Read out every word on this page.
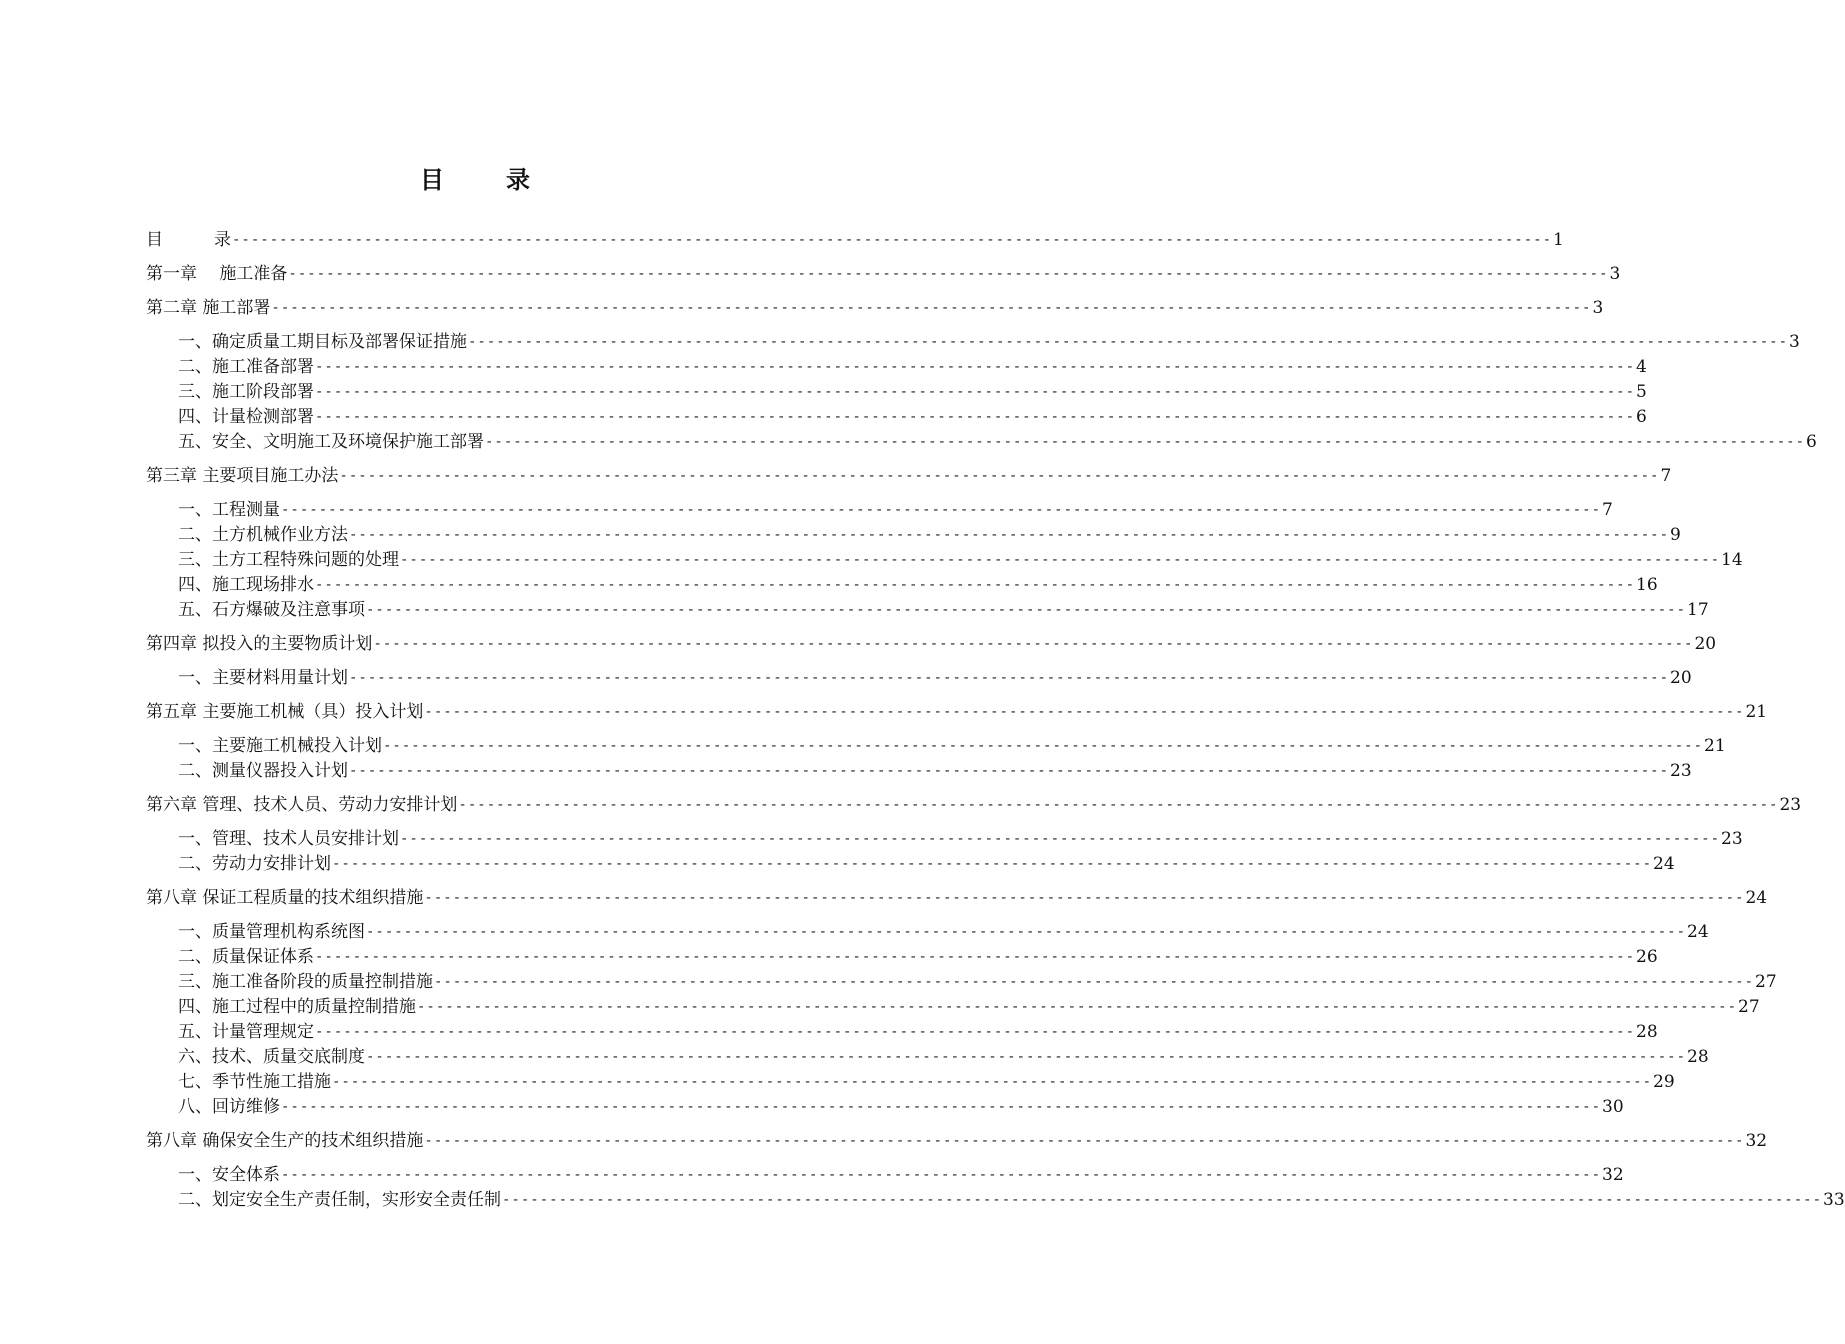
目	录
目　　　录 -------------------------------------------------------------------------------------------------------------------------------------------- 1
第一章　 施工准备 -------------------------------------------------------------------------------------------------------------------------------------------- 3
第二章 施工部署 -------------------------------------------------------------------------------------------------------------------------------------------- 3
一、确定质量工期目标及部署保证措施 -------------------------------------------------------------------------------------------------------------------------------------------- 3
二、施工准备部署 -------------------------------------------------------------------------------------------------------------------------------------------- 4
三、施工阶段部署 -------------------------------------------------------------------------------------------------------------------------------------------- 5
四、计量检测部署 -------------------------------------------------------------------------------------------------------------------------------------------- 6
五、安全、文明施工及环境保护施工部署 -------------------------------------------------------------------------------------------------------------------------------------------- 6
第三章 主要项目施工办法 -------------------------------------------------------------------------------------------------------------------------------------------- 7
一、工程测量 -------------------------------------------------------------------------------------------------------------------------------------------- 7
二、土方机械作业方法 -------------------------------------------------------------------------------------------------------------------------------------------- 9
三、土方工程特殊问题的处理 -------------------------------------------------------------------------------------------------------------------------------------------- 14
四、施工现场排水 -------------------------------------------------------------------------------------------------------------------------------------------- 16
五、石方爆破及注意事项 -------------------------------------------------------------------------------------------------------------------------------------------- 17
第四章 拟投入的主要物质计划 -------------------------------------------------------------------------------------------------------------------------------------------- 20
一、主要材料用量计划 -------------------------------------------------------------------------------------------------------------------------------------------- 20
第五章 主要施工机械（具）投入计划 -------------------------------------------------------------------------------------------------------------------------------------------- 21
一、主要施工机械投入计划 -------------------------------------------------------------------------------------------------------------------------------------------- 21
二、测量仪器投入计划 -------------------------------------------------------------------------------------------------------------------------------------------- 23
第六章 管理、技术人员、劳动力安排计划 -------------------------------------------------------------------------------------------------------------------------------------------- 23
一、管理、技术人员安排计划 -------------------------------------------------------------------------------------------------------------------------------------------- 23
二、劳动力安排计划 -------------------------------------------------------------------------------------------------------------------------------------------- 24
第八章 保证工程质量的技术组织措施 -------------------------------------------------------------------------------------------------------------------------------------------- 24
一、质量管理机构系统图 -------------------------------------------------------------------------------------------------------------------------------------------- 24
二、质量保证体系 -------------------------------------------------------------------------------------------------------------------------------------------- 26
三、施工准备阶段的质量控制措施 -------------------------------------------------------------------------------------------------------------------------------------------- 27
四、施工过程中的质量控制措施 -------------------------------------------------------------------------------------------------------------------------------------------- 27
五、计量管理规定 -------------------------------------------------------------------------------------------------------------------------------------------- 28
六、技术、质量交底制度 -------------------------------------------------------------------------------------------------------------------------------------------- 28
七、季节性施工措施 -------------------------------------------------------------------------------------------------------------------------------------------- 29
八、回访维修 -------------------------------------------------------------------------------------------------------------------------------------------- 30
第八章 确保安全生产的技术组织措施 -------------------------------------------------------------------------------------------------------------------------------------------- 32
一、安全体系 -------------------------------------------------------------------------------------------------------------------------------------------- 32
二、划定安全生产责任制，实形安全责任制 -------------------------------------------------------------------------------------------------------------------------------------------- 33
